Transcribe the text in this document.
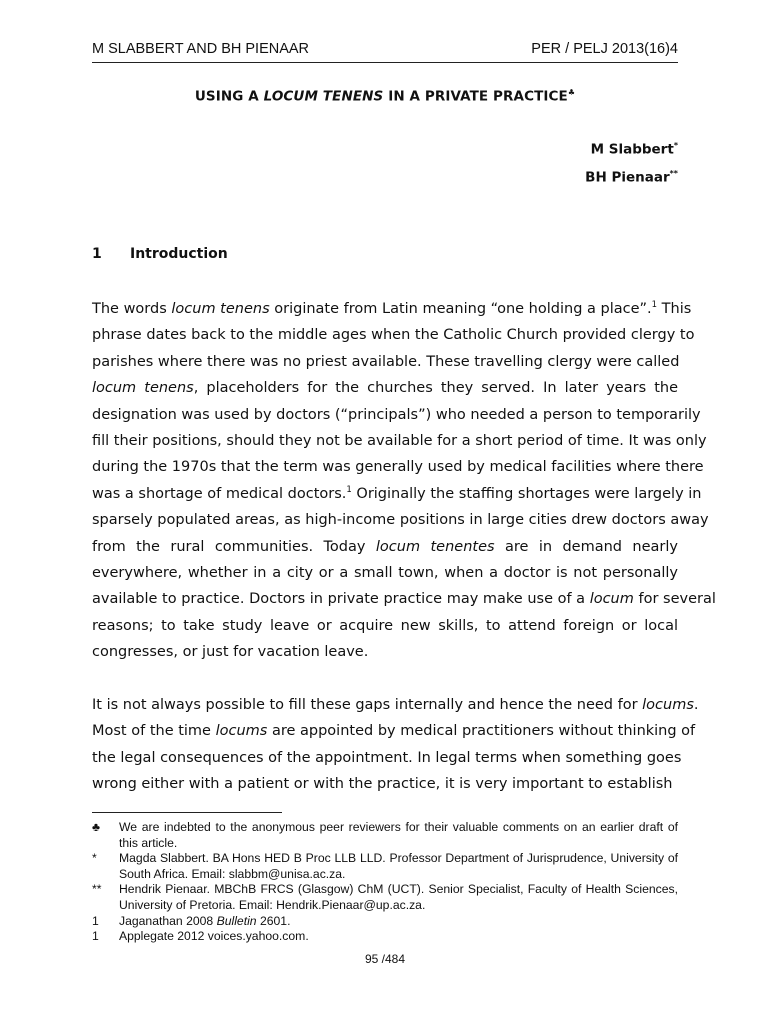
M SLABBERT AND BH PIENAAR	PER / PELJ 2013(16)4
USING A LOCUM TENENS IN A PRIVATE PRACTICE♣
M Slabbert*
BH Pienaar**
1	Introduction
The words locum tenens originate from Latin meaning “one holding a place”.$^1$ This
phrase dates back to the middle ages when the Catholic Church provided clergy to
parishes where there was no priest available. These travelling clergy were called
locum tenens, placeholders for the churches they served. In later years the
designation was used by doctors (“principals”) who needed a person to temporarily
fill their positions, should they not be available for a short period of time. It was only
during the 1970s that the term was generally used by medical facilities where there
was a shortage of medical doctors.$^1$ Originally the staffing shortages were largely in
sparsely populated areas, as high-income positions in large cities drew doctors away
from the rural communities. Today locum tenentes are in demand nearly
everywhere, whether in a city or a small town, when a doctor is not personally
available to practice. Doctors in private practice may make use of a locum for several
reasons; to take study leave or acquire new skills, to attend foreign or local
congresses, or just for vacation leave.
It is not always possible to fill these gaps internally and hence the need for locums.
Most of the time locums are appointed by medical practitioners without thinking of
the legal consequences of the appointment. In legal terms when something goes
wrong either with a patient or with the practice, it is very important to establish
♣	We are indebted to the anonymous peer reviewers for their valuable comments on an earlier draft of this article.
*	Magda Slabbert. BA Hons HED B Proc LLB LLD. Professor Department of Jurisprudence, University of South Africa. Email: slabbm@unisa.ac.za.
**	Hendrik Pienaar. MBChB FRCS (Glasgow) ChM (UCT). Senior Specialist, Faculty of Health Sciences, University of Pretoria. Email: Hendrik.Pienaar@up.ac.za.
1	Jaganathan 2008 Bulletin 2601.
1	Applegate 2012 voices.yahoo.com.
95 /484
